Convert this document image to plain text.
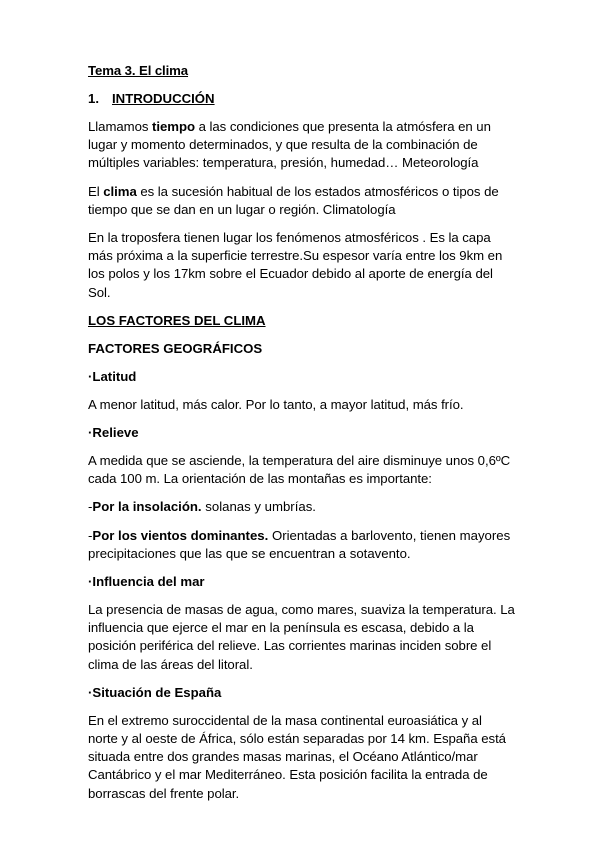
Tema 3. El clima
1. INTRODUCCIÓN

Llamamos tiempo a las condiciones que presenta la atmósfera en un lugar y momento determinados, y que resulta de la combinación de múltiples variables: temperatura, presión, humedad… Meteorología

El clima es la sucesión habitual de los estados atmosféricos o tipos de tiempo que se dan en un lugar o región. Climatología

En la troposfera tienen lugar los fenómenos atmosféricos . Es la capa más próxima a la superficie terrestre.Su espesor varía entre los 9km en los polos y los 17km sobre el Ecuador debido al aporte de energía del Sol.

LOS FACTORES DEL CLIMA
FACTORES GEOGRÁFICOS
·Latitud

A menor latitud, más calor. Por lo tanto, a mayor latitud, más frío.

·Relieve

A medida que se asciende, la temperatura del aire disminuye unos 0,6ºC cada 100 m. La orientación de las montañas es importante:

-Por la insolación. solanas y umbrías.

-Por los vientos dominantes. Orientadas a barlovento, tienen mayores precipitaciones que las que se encuentran a sotavento.

·Influencia del mar

La presencia de masas de agua, como mares, suaviza la temperatura. La influencia que ejerce el mar en la península es escasa, debido a la posición periférica del relieve. Las corrientes marinas inciden sobre el clima de las áreas del litoral.

·Situación de España

En el extremo suroccidental de la masa continental euroasiática y al norte y al oeste de África, sólo están separadas por 14 km. España está situada entre dos grandes masas marinas, el Océano Atlántico/mar Cantábrico y el mar Mediterráneo. Esta posición facilita la entrada de borrascas del frente polar.
